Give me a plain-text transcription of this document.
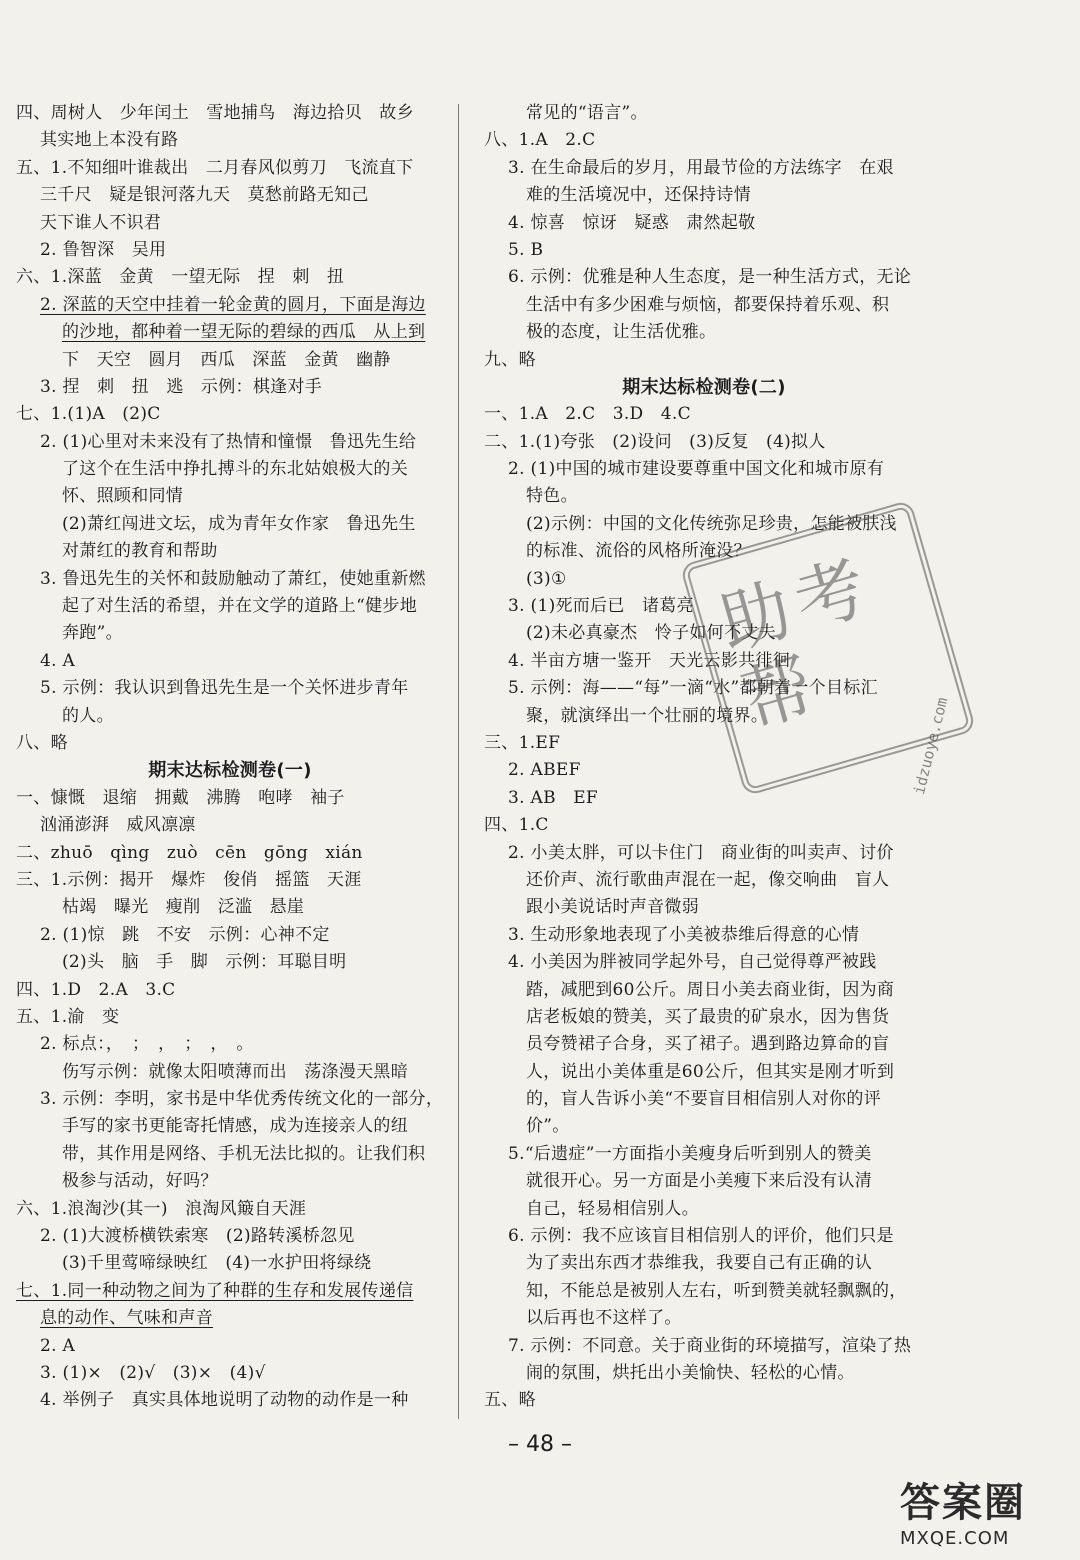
四、周树人　少年闰土　雪地捕鸟　海边拾贝　故乡
其实地上本没有路
五、1.不知细叶谁裁出　二月春风似剪刀　飞流直下
三千尺　疑是银河落九天　莫愁前路无知己
天下谁人不识君
2. 鲁智深　吴用
六、1.深蓝　金黄　一望无际　捏　刺　扭
2. 深蓝的天空中挂着一轮金黄的圆月，下面是海边
的沙地，都种着一望无际的碧绿的西瓜　从上到
下　天空　圆月　西瓜　深蓝　金黄　幽静
3. 捏　刺　扭　逃　示例：棋逢对手
七、1.(1)A　(2)C
2. (1)心里对未来没有了热情和憧憬　鲁迅先生给
了这个在生活中挣扎搏斗的东北姑娘极大的关
怀、照顾和同情
(2)萧红闯进文坛，成为青年女作家　鲁迅先生
对萧红的教育和帮助
3. 鲁迅先生的关怀和鼓励触动了萧红，使她重新燃
起了对生活的希望，并在文学的道路上“健步地
奔跑”。
4. A
5. 示例：我认识到鲁迅先生是一个关怀进步青年
的人。
八、略
期末达标检测卷(一)
一、慷慨　退缩　拥戴　沸腾　咆哮　袖子
汹涌澎湃　威风凛凛
二、zhuō　qìng　zuò　cēn　gōng　xián
三、1.示例：揭开　爆炸　俊俏　摇篮　天涯
枯竭　曝光　瘦削　泛滥　悬崖
2. (1)惊　跳　不安　示例：心神不定
(2)头　脑　手　脚　示例：耳聪目明
四、1.D　2.A　3.C
五、1.渝　变
2. 标点：，　；　，　；　，　。
伤写示例：就像太阳喷薄而出　荡涤漫天黑暗
3. 示例：李明，家书是中华优秀传统文化的一部分，
手写的家书更能寄托情感，成为连接亲人的纽
带，其作用是网络、手机无法比拟的。让我们积
极参与活动，好吗？
六、1.浪淘沙(其一)　浪淘风簸自天涯
2. (1)大渡桥横铁索寒　(2)路转溪桥忽见
(3)千里莺啼绿映红　(4)一水护田将绿绕
七、1.同一种动物之间为了种群的生存和发展传递信
息的动作、气味和声音
2. A
3. (1)×　(2)√　(3)×　(4)√
4. 举例子　真实具体地说明了动物的动作是一种
常见的“语言”。
八、1.A　2.C
3. 在生命最后的岁月，用最节俭的方法练字　在艰
难的生活境况中，还保持诗情
4. 惊喜　惊讶　疑惑　肃然起敬
5. B
6. 示例：优雅是种人生态度，是一种生活方式，无论
生活中有多少困难与烦恼，都要保持着乐观、积
极的态度，让生活优雅。
九、略
期末达标检测卷(二)
一、1.A　2.C　3.D　4.C
二、1.(1)夸张　(2)设问　(3)反复　(4)拟人
2. (1)中国的城市建设要尊重中国文化和城市原有
特色。
(2)示例：中国的文化传统弥足珍贵，怎能被肤浅
的标准、流俗的风格所淹没？
(3)①
3. (1)死而后已　诸葛亮
(2)未必真豪杰　怜子如何不丈夫
4. 半亩方塘一鉴开　天光云影共徘徊
5. 示例：海——“每”一滴“水”都朝着一个目标汇
聚，就演绎出一个壮丽的境界。
三、1.EF
2. ABEF
3. AB　EF
四、1.C
2. 小美太胖，可以卡住门　商业街的叫卖声、讨价
还价声、流行歌曲声混在一起，像交响曲　盲人
跟小美说话时声音微弱
3. 生动形象地表现了小美被恭维后得意的心情
4. 小美因为胖被同学起外号，自己觉得尊严被践
踏，减肥到60公斤。周日小美去商业街，因为商
店老板娘的赞美，买了最贵的矿泉水，因为售货
员夸赞裙子合身，买了裙子。遇到路边算命的盲
人，说出小美体重是60公斤，但其实是刚才听到
的，盲人告诉小美“不要盲目相信别人对你的评
价”。
5.“后遗症”一方面指小美瘦身后听到别人的赞美
就很开心。另一方面是小美瘦下来后没有认清
自己，轻易相信别人。
6. 示例：我不应该盲目相信别人的评价，他们只是
为了卖出东西才恭维我，我要自己有正确的认
知，不能总是被别人左右，听到赞美就轻飘飘的，
以后再也不这样了。
7. 示例：不同意。关于商业街的环境描写，渲染了热
闹的氛围，烘托出小美愉快、轻松的心情。
五、略
– 48 –
助考帮
idzuoye.com
答案圈
MXQE.COM
